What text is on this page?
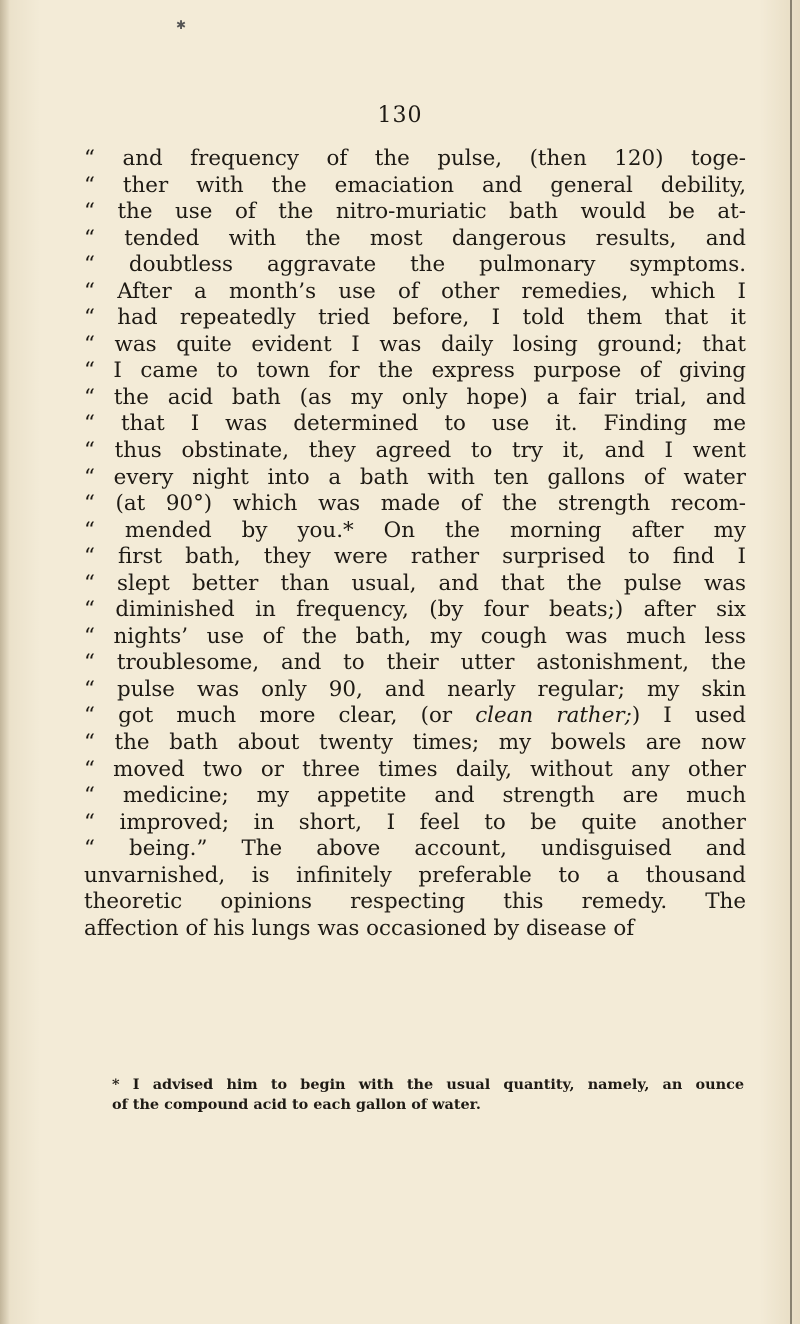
✱
130
“ and frequency of the pulse, (then 120) toge-
“ ther with the emaciation and general debility,
“ the use of the nitro-muriatic bath would be at-
“ tended with the most dangerous results, and
“ doubtless aggravate the pulmonary symptoms.
“ After a month’s use of other remedies, which I
“ had repeatedly tried before, I told them that it
“ was quite evident I was daily losing ground; that
“ I came to town for the express purpose of giving
“ the acid bath (as my only hope) a fair trial, and
“ that I was determined to use it. Finding me
“ thus obstinate, they agreed to try it, and I went
“ every night into a bath with ten gallons of water
“ (at 90°) which was made of the strength recom-
“ mended by you.* On the morning after my
“ first bath, they were rather surprised to find I
“ slept better than usual, and that the pulse was
“ diminished in frequency, (by four beats;) after six
“ nights’ use of the bath, my cough was much less
“ troublesome, and to their utter astonishment, the
“ pulse was only 90, and nearly regular; my skin
“ got much more clear, (or clean rather;) I used
“ the bath about twenty times; my bowels are now
“ moved two or three times daily, without any other
“ medicine; my appetite and strength are much
“ improved; in short, I feel to be quite another
“ being.” The above account, undisguised and
unvarnished, is infinitely preferable to a thousand
theoretic opinions respecting this remedy. The
affection of his lungs was occasioned by disease of
* I advised him to begin with the usual quantity, namely, an ounce
of the compound acid to each gallon of water.
